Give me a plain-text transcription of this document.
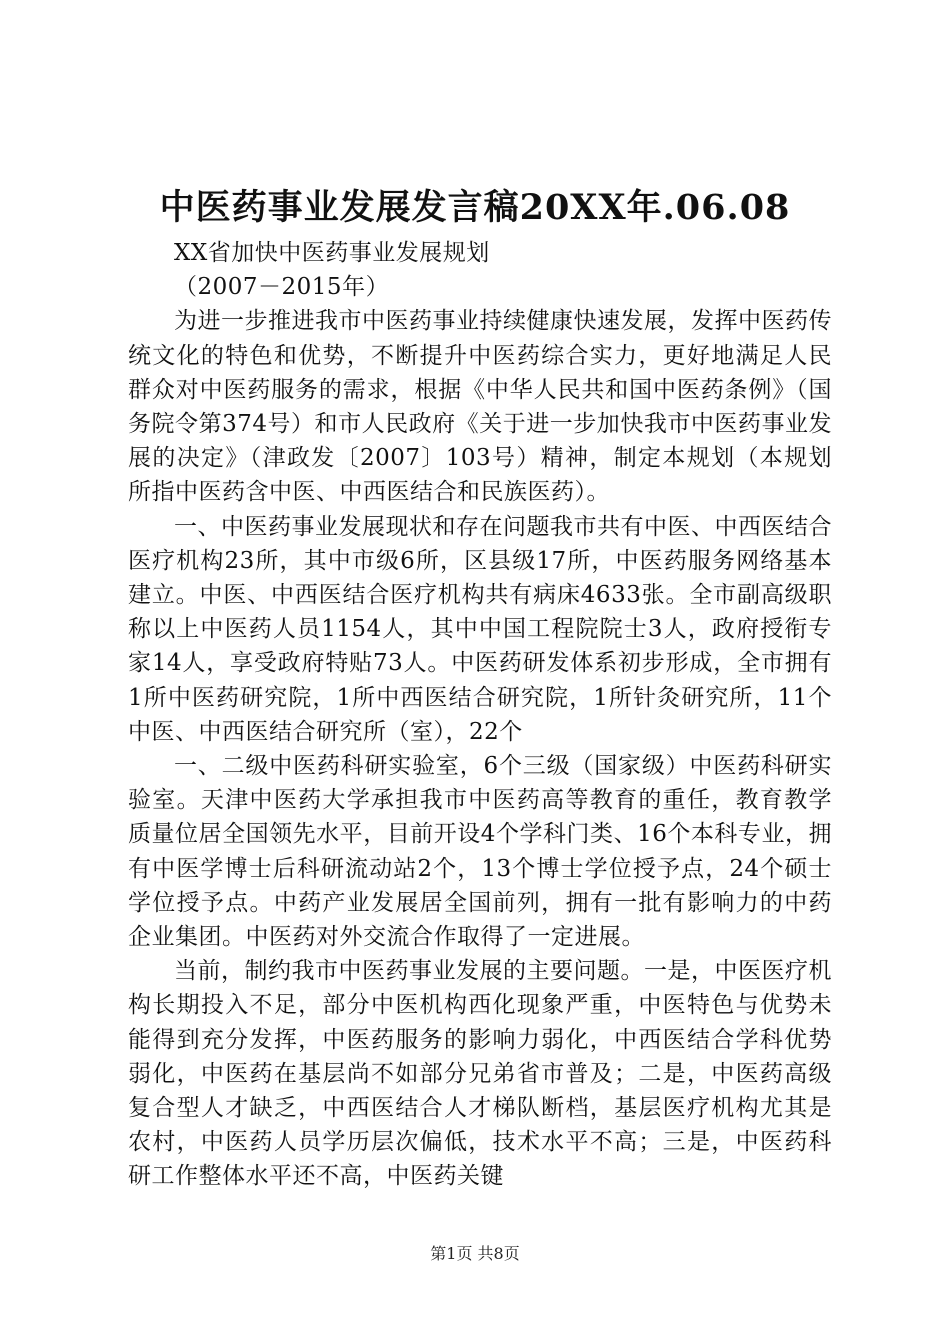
中医药事业发展发言稿20XX年.06.08

XX省加快中医药事业发展规划

（2007－2015年）

为进一步推进我市中医药事业持续健康快速发展，发挥中医药传统文化的特色和优势，不断提升中医药综合实力，更好地满足人民群众对中医药服务的需求，根据《中华人民共和国中医药条例》（国务院令第374号）和市人民政府《关于进一步加快我市中医药事业发展的决定》（津政发〔2007〕103号）精神，制定本规划（本规划所指中医药含中医、中西医结合和民族医药）。

一、中医药事业发展现状和存在问题我市共有中医、中西医结合医疗机构23所，其中市级6所，区县级17所，中医药服务网络基本建立。中医、中西医结合医疗机构共有病床4633张。全市副高级职称以上中医药人员1154人，其中中国工程院院士3人，政府授衔专家14人，享受政府特贴73人。中医药研发体系初步形成，全市拥有1所中医药研究院，1所中西医结合研究院，1所针灸研究所，11个中医、中西医结合研究所（室），22个

一、二级中医药科研实验室，6个三级（国家级）中医药科研实验室。天津中医药大学承担我市中医药高等教育的重任，教育教学质量位居全国领先水平，目前开设4个学科门类、16个本科专业，拥有中医学博士后科研流动站2个，13个博士学位授予点，24个硕士学位授予点。中药产业发展居全国前列，拥有一批有影响力的中药企业集团。中医药对外交流合作取得了一定进展。

当前，制约我市中医药事业发展的主要问题。一是，中医医疗机构长期投入不足，部分中医机构西化现象严重，中医特色与优势未能得到充分发挥，中医药服务的影响力弱化，中西医结合学科优势弱化，中医药在基层尚不如部分兄弟省市普及；二是，中医药高级复合型人才缺乏，中西医结合人才梯队断档，基层医疗机构尤其是农村，中医药人员学历层次偏低，技术水平不高；三是，中医药科研工作整体水平还不高，中医药关键

第1页 共8页
